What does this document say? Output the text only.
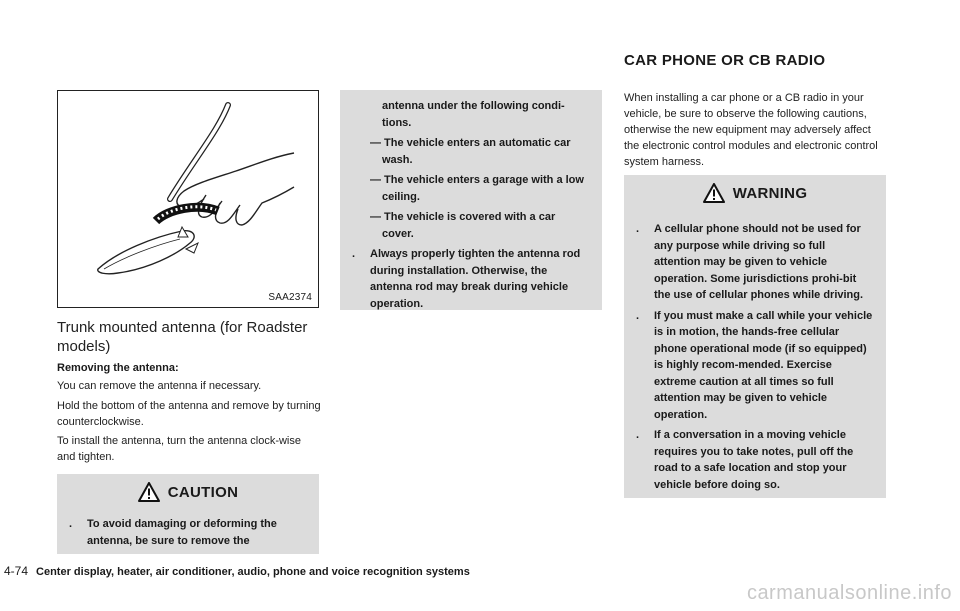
CAR PHONE OR CB RADIO
SAA2374
Trunk mounted antenna (for Roadster models)
Removing the antenna:
You can remove the antenna if necessary.
Hold the bottom of the antenna and remove by turning counterclockwise.
To install the antenna, turn the antenna clock-wise and tighten.
CAUTION
. To avoid damaging or deforming the antenna, be sure to remove the
antenna under the following condi-tions.
— The vehicle enters an automatic car wash.
— The vehicle enters a garage with a low ceiling.
— The vehicle is covered with a car cover.
. Always properly tighten the antenna rod during installation. Otherwise, the antenna rod may break during vehicle operation.
When installing a car phone or a CB radio in your vehicle, be sure to observe the following cautions, otherwise the new equipment may adversely affect the electronic control modules and electronic control system harness.
WARNING
. A cellular phone should not be used for any purpose while driving so full attention may be given to vehicle operation. Some jurisdictions prohi-bit the use of cellular phones while driving.
. If you must make a call while your vehicle is in motion, the hands-free cellular phone operational mode (if so equipped) is highly recom-mended. Exercise extreme caution at all times so full attention may be given to vehicle operation.
. If a conversation in a moving vehicle requires you to take notes, pull off the road to a safe location and stop your vehicle before doing so.
4-74 Center display, heater, air conditioner, audio, phone and voice recognition systems
carmanualsonline.info
